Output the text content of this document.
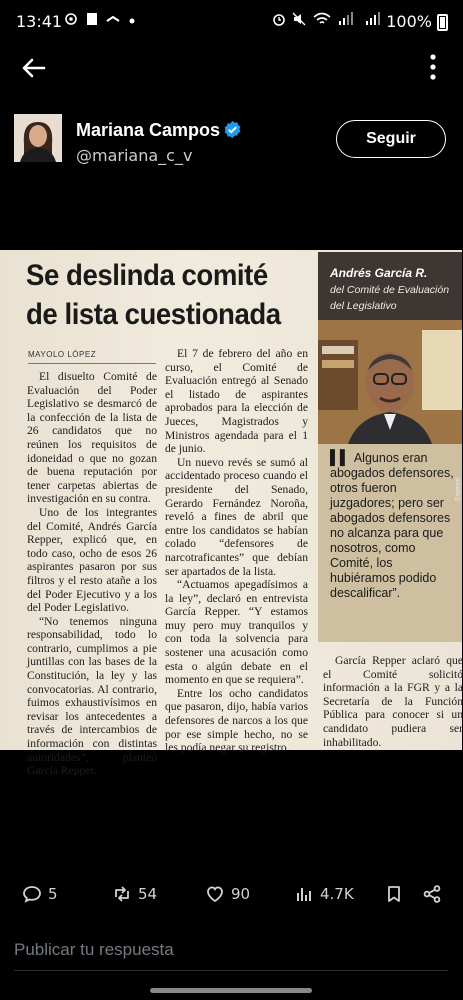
13:41

	100%
Mariana Campos
@mariana_c_v
Seguir
Se deslinda comité
de lista cuestionada
MAYOLO LÓPEZ

El disuelto Comité de Evaluación del Poder Legislativo se desmarcó de la confección de la lista de 26 candidatos que no reúnen los requisitos de idoneidad o que no gozan de buena reputación por tener carpetas abiertas de investigación en su contra.

Uno de los integrantes del Comité, Andrés García Repper, explicó que, en todo caso, ocho de esos 26 aspirantes pasaron por sus filtros y el resto atañe a los del Poder Ejecutivo y a los del Poder Legislativo.

“No tenemos ninguna responsabilidad, todo lo contrario, cumplimos a pie juntillas con las bases de la Constitución, la ley y las convocatorias. Al contrario, fuimos exhaustivísimos en revisar los antecedentes a través de intercambios de información con distintas autoridades”, planteó García Repper.

El 7 de febrero del año en curso, el Comité de Evaluación entregó al Senado el listado de aspirantes aprobados para la elección de Jueces, Magistrados y Ministros agendada para el 1 de junio.

Un nuevo revés se sumó al accidentado proceso cuando el presidente del Senado, Gerardo Fernández Noroña, reveló a fines de abril que entre los candidatos se habían colado “defensores de narcotraficantes” que debían ser apartados de la lista.

“Actuamos apegadísimos a la ley”, declaró en entrevista García Repper. “Y estamos muy pero muy tranquilos y con toda la solvencia para sostener una acusación como esta o algún debate en el momento en que se requiera”.

Entre los ocho candidatos que pasaron, dijo, había varios defensores de narcos a los que por ese simple hecho, no se les podía negar su registro.

Andrés García R.
del Comité de Evaluación del Legislativo
Especial
▌▌ Algunos eran abogados defensores, otros fueron juzgadores; pero ser abogados defensores no alcanza para que nosotros, como Comité, los hubiéramos podido descalificar”.

García Repper aclaró que el Comité solicitó información a la FGR y a la Secretaría de la Función Pública para conocer si un candidato pudiera ser inhabilitado.

5	54	90	4.7K
Publicar tu respuesta
